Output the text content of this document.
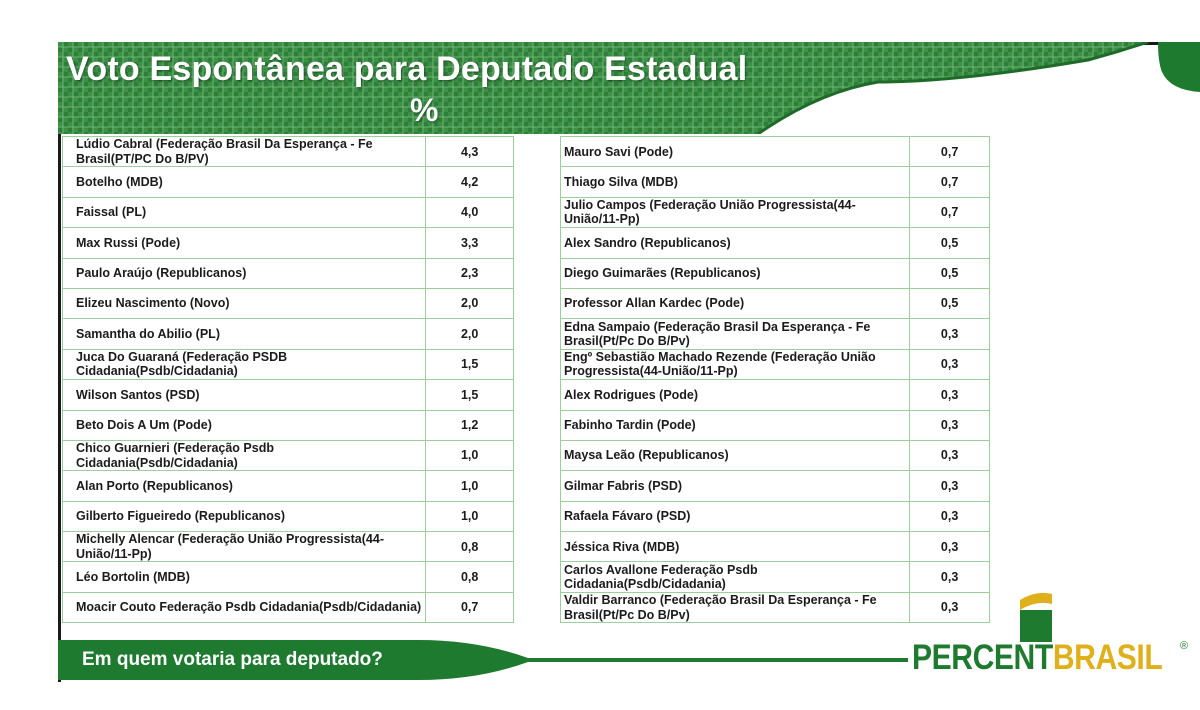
Voto Espontânea para Deputado Estadual
%
Lúdio Cabral (Federação Brasil Da Esperança - Fe Brasil(PT/PC Do B/PV)	4,3
Botelho (MDB)	4,2
Faissal (PL)	4,0
Max Russi (Pode)	3,3
Paulo Araújo (Republicanos)	2,3
Elizeu Nascimento (Novo)	2,0
Samantha do Abilio (PL)	2,0
Juca Do Guaraná (Federação PSDB Cidadania(Psdb/Cidadania)	1,5
Wilson Santos (PSD)	1,5
Beto Dois A Um (Pode)	1,2
Chico Guarnieri (Federação Psdb Cidadania(Psdb/Cidadania)	1,0
Alan Porto (Republicanos)	1,0
Gilberto Figueiredo (Republicanos)	1,0
Michelly Alencar (Federação União Progressista(44-União/11-Pp)	0,8
Léo Bortolin (MDB)	0,8
Moacir Couto Federação Psdb Cidadania(Psdb/Cidadania)	0,7
Mauro Savi (Pode)	0,7
Thiago Silva (MDB)	0,7
Julio Campos (Federação União Progressista(44-União/11-Pp)	0,7
Alex Sandro (Republicanos)	0,5
Diego Guimarães (Republicanos)	0,5
Professor Allan Kardec (Pode)	0,5
Edna Sampaio (Federação Brasil Da Esperança - Fe Brasil(Pt/Pc Do B/Pv)	0,3
Engº Sebastião Machado Rezende (Federação União Progressista(44-União/11-Pp)	0,3
Alex Rodrigues (Pode)	0,3
Fabinho Tardin (Pode)	0,3
Maysa Leão (Republicanos)	0,3
Gilmar Fabris (PSD)	0,3
Rafaela Fávaro (PSD)	0,3
Jéssica Riva (MDB)	0,3
Carlos Avallone Federação Psdb Cidadania(Psdb/Cidadania)	0,3
Valdir Barranco (Federação Brasil Da Esperança - Fe Brasil(Pt/Pc Do B/Pv)	0,3
Em quem votaria para deputado?	PERCENTBRASIL ®
